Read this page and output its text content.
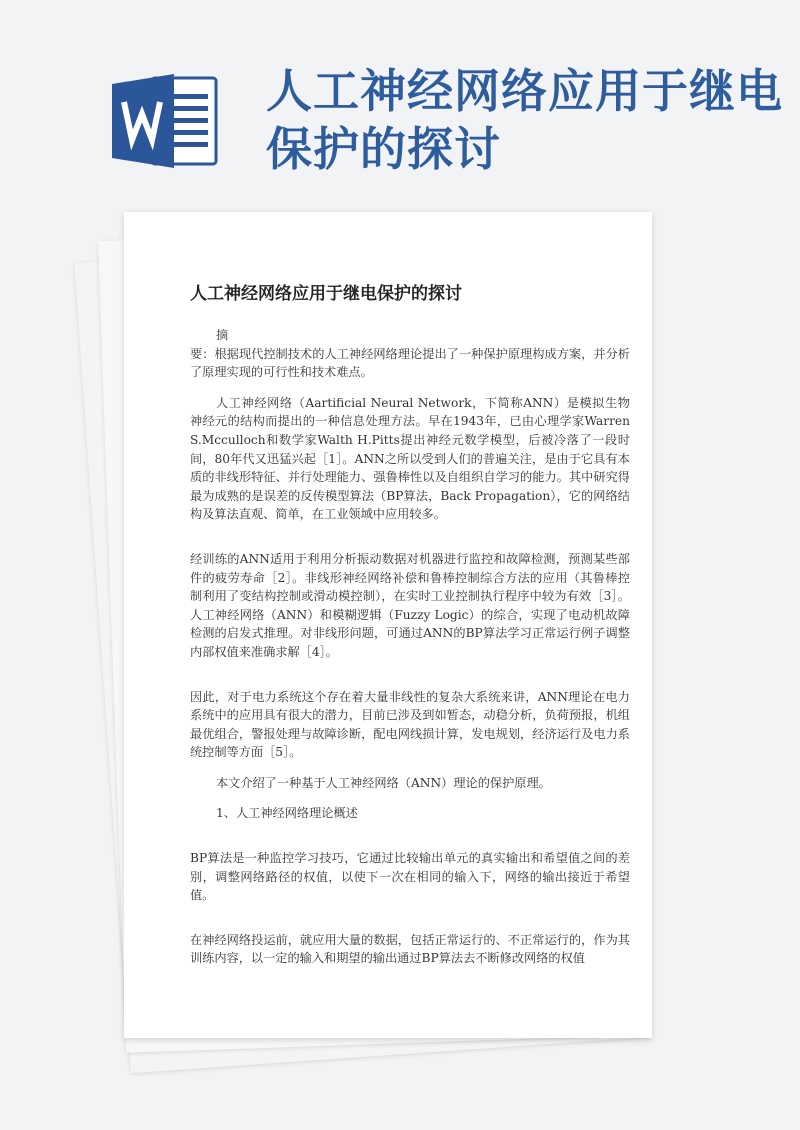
人工神经网络应用于继电保护的探讨
人工神经网络应用于继电保护的探讨

摘

要：根据现代控制技术的人工神经网络理论提出了一种保护原理构成方案，并分析了原理实现的可行性和技术难点。

人工神经网络（Aartificial Neural Network，下简称ANN）是模拟生物神经元的结构而提出的一种信息处理方法。早在1943年，已由心理学家Warren S.Mcculloch和数学家Walth H.Pitts提出神经元数学模型，后被冷落了一段时间，80年代又迅猛兴起［1］。ANN之所以受到人们的普遍关注，是由于它具有本质的非线形特征、并行处理能力、强鲁棒性以及自组织自学习的能力。其中研究得最为成熟的是误差的反传模型算法（BP算法，Back Propagation），它的网络结构及算法直观、简单，在工业领域中应用较多。

经训练的ANN适用于利用分析振动数据对机器进行监控和故障检测，预测某些部件的疲劳寿命［2］。非线形神经网络补偿和鲁棒控制综合方法的应用（其鲁棒控制利用了变结构控制或滑动模控制），在实时工业控制执行程序中较为有效［3］。人工神经网络（ANN）和模糊逻辑（Fuzzy Logic）的综合，实现了电动机故障检测的启发式推理。对非线形问题，可通过ANN的BP算法学习正常运行例子调整内部权值来准确求解［4］。

因此，对于电力系统这个存在着大量非线性的复杂大系统来讲，ANN理论在电力系统中的应用具有很大的潜力，目前已涉及到如暂态，动稳分析，负荷预报，机组最优组合，警报处理与故障诊断，配电网线损计算，发电规划，经济运行及电力系统控制等方面［5］。

本文介绍了一种基于人工神经网络（ANN）理论的保护原理。

1、人工神经网络理论概述

BP算法是一种监控学习技巧，它通过比较输出单元的真实输出和希望值之间的差别，调整网络路径的权值，以使下一次在相同的输入下，网络的输出接近于希望值。

在神经网络投运前，就应用大量的数据，包括正常运行的、不正常运行的，作为其训练内容，以一定的输入和期望的输出通过BP算法去不断修改网络的权值
